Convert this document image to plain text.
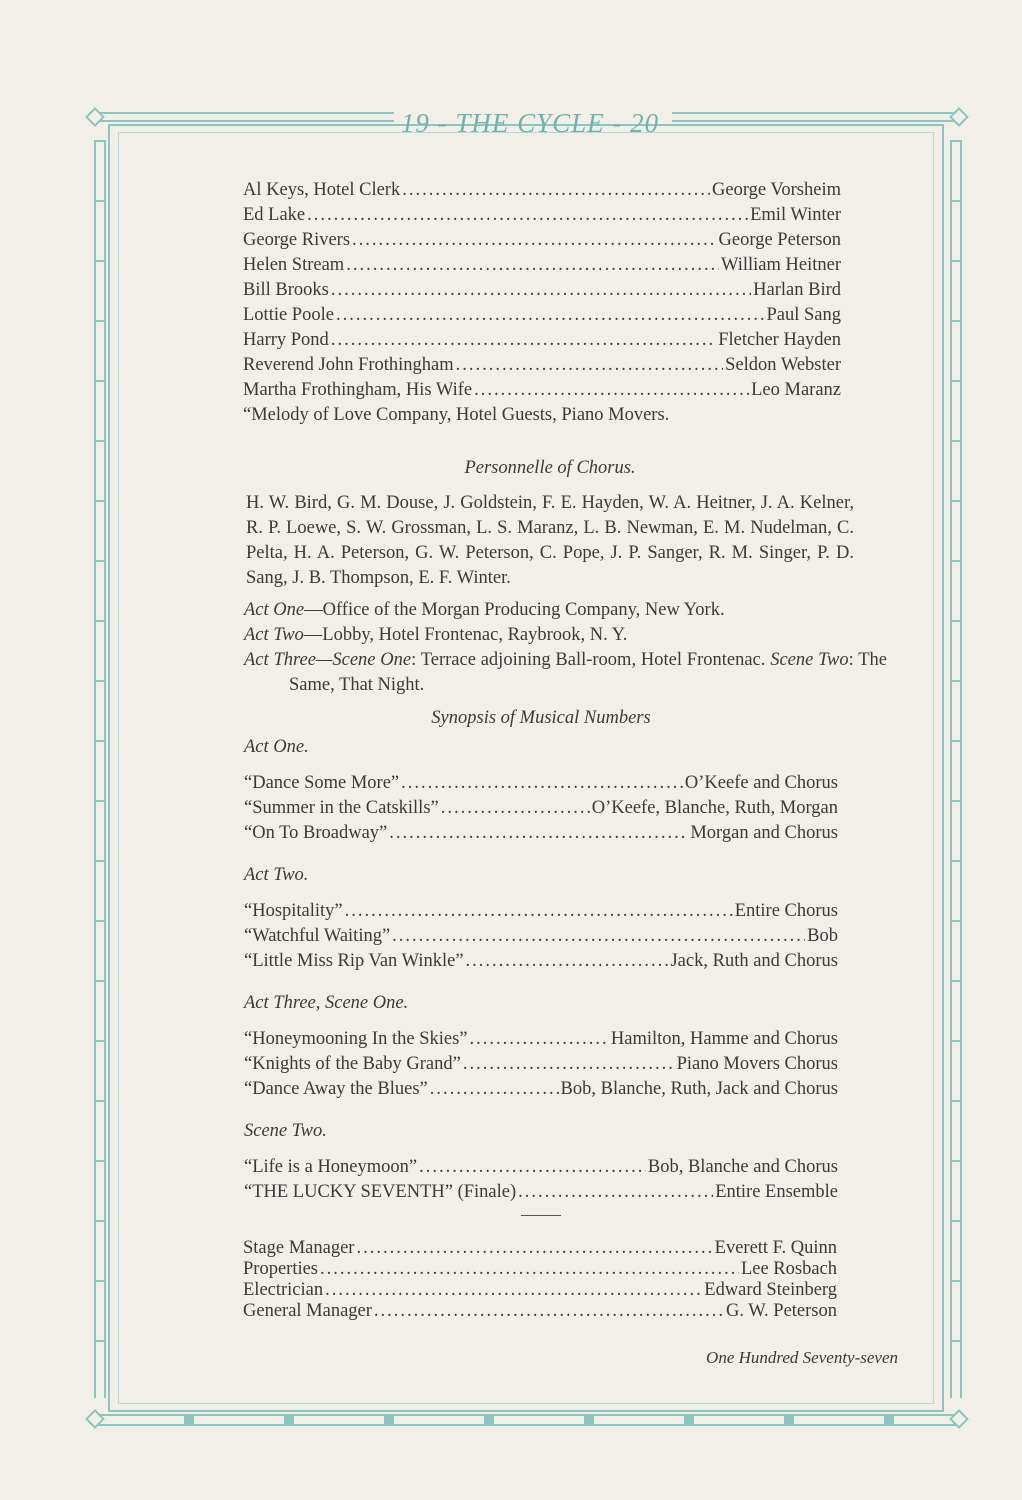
19 - THE CYCLE - 20
Al Keys, Hotel Clerk .....	George Vorsheim
Ed Lake .....	Emil Winter
George Rivers .....	George Peterson
Helen Stream .....	William Heitner
Bill Brooks .....	Harlan Bird
Lottie Poole .....	Paul Sang
Harry Pond .....	Fletcher Hayden
Reverend John Frothingham .....	Seldon Webster
Martha Frothingham, His Wife .....	Leo Maranz
“Melody of Love Company, Hotel Guests, Piano Movers.
Personnelle of Chorus.
H. W. Bird, G. M. Douse, J. Goldstein, F. E. Hayden, W. A. Heitner, J. A. Kelner, R. P. Loewe, S. W. Grossman, L. S. Maranz, L. B. Newman, E. M. Nudelman, C. Pelta, H. A. Peterson, G. W. Peterson, C. Pope, J. P. Sanger, R. M. Singer, P. D. Sang, J. B. Thompson, E. F. Winter.
Act One—Office of the Morgan Producing Company, New York.
Act Two—Lobby, Hotel Frontenac, Raybrook, N. Y.
Act Three—Scene One: Terrace adjoining Ball-room, Hotel Frontenac. Scene Two: The Same, That Night.
Synopsis of Musical Numbers
Act One.
“Dance Some More” .....	O’Keefe and Chorus
“Summer in the Catskills” .....	O’Keefe, Blanche, Ruth, Morgan
“On To Broadway” .....	Morgan and Chorus
Act Two.
“Hospitality” .....	Entire Chorus
“Watchful Waiting” .....	Bob
“Little Miss Rip Van Winkle” .....	Jack, Ruth and Chorus
Act Three, Scene One.
“Honeymooning In the Skies” .....	Hamilton, Hamme and Chorus
“Knights of the Baby Grand” .....	Piano Movers Chorus
“Dance Away the Blues” .....	Bob, Blanche, Ruth, Jack and Chorus
Scene Two.
“Life is a Honeymoon” .....	Bob, Blanche and Chorus
“THE LUCKY SEVENTH” (Finale) .....	Entire Ensemble
Stage Manager .....	Everett F. Quinn
Properties .....	Lee Rosbach
Electrician .....	Edward Steinberg
General Manager .....	G. W. Peterson
One Hundred Seventy-seven
